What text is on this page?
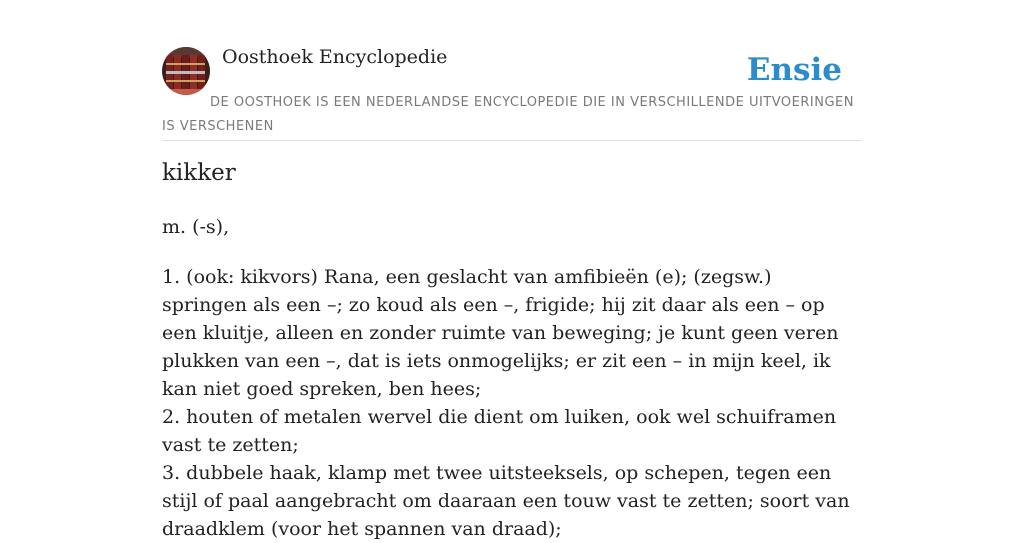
Oosthoek Encyclopedie	Ensie
DE OOSTHOEK IS EEN NEDERLANDSE ENCYCLOPEDIE DIE IN VERSCHILLENDE UITVOERINGEN IS VERSCHENEN
kikker
m. (-s),
1. (ook: kikvors) Rana, een geslacht van amfibieën (e); (zegsw.) springen als een –; zo koud als een –, frigide; hij zit daar als een – op een kluitje, alleen en zonder ruimte van beweging; je kunt geen veren plukken van een –, dat is iets onmogelijks; er zit een – in mijn keel, ik kan niet goed spreken, ben hees;
2. houten of metalen wervel die dient om luiken, ook wel schuiframen vast te zetten;
3. dubbele haak, klamp met twee uitsteeksels, op schepen, tegen een stijl of paal aangebracht om daaraan een touw vast te zetten; soort van draadklem (voor het spannen van draad);
